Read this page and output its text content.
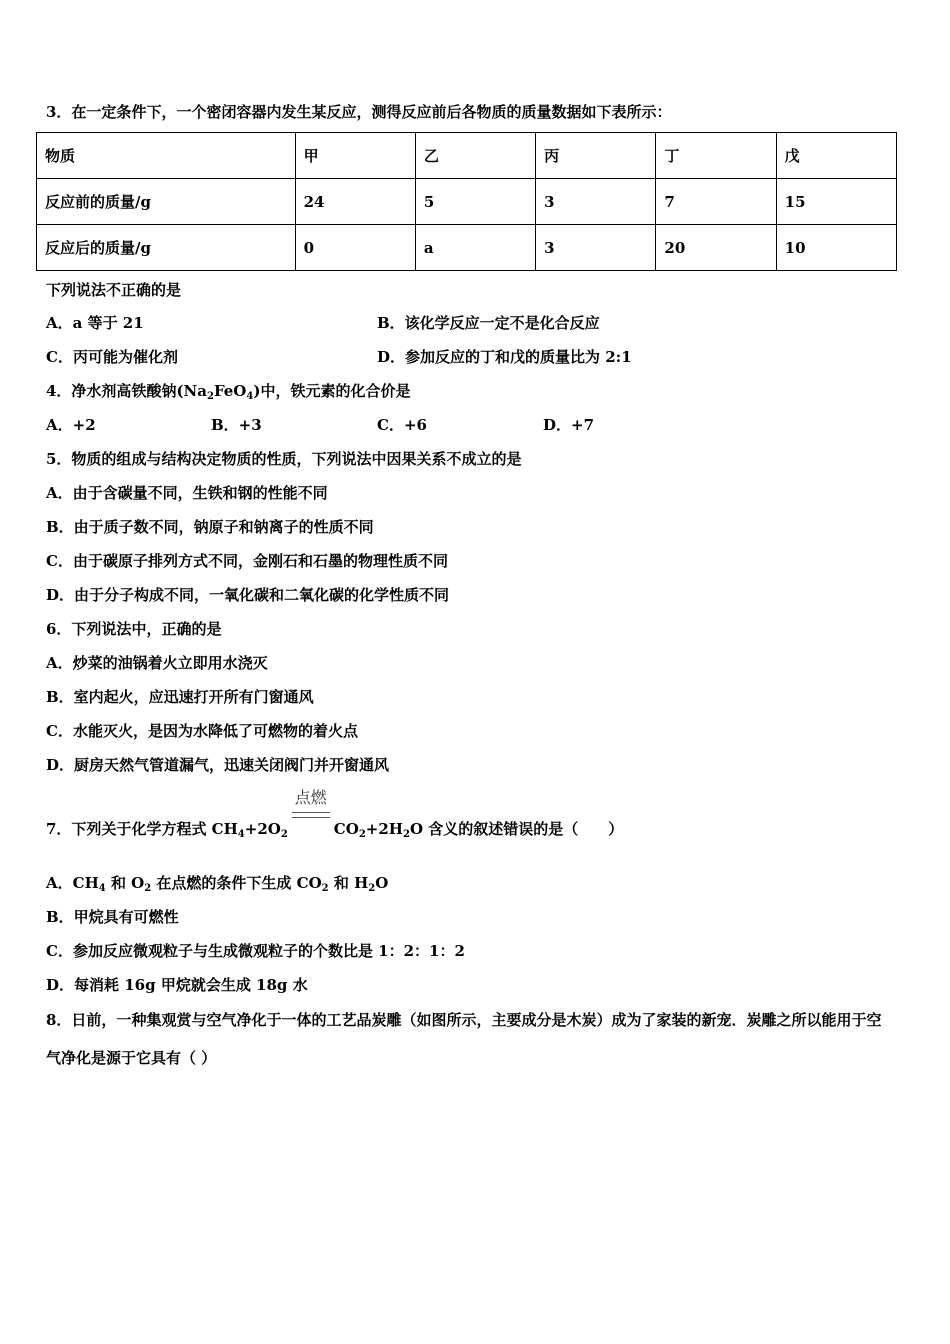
3．在一定条件下，一个密闭容器内发生某反应，测得反应前后各物质的质量数据如下表所示：
物质	甲	乙	丙	丁	戊
反应前的质量/g	24	5	3	7	15
反应后的质量/g	0	a	3	20	10
下列说法不正确的是
A．a 等于 21	B．该化学反应一定不是化合反应
C．丙可能为催化剂	D．参加反应的丁和戊的质量比为 2:1
4．净水剂高铁酸钠$(Na_2FeO_4)$中，铁元素的化合价是
A．+2	B．+3	C．+6	D．+7
5．物质的组成与结构决定物质的性质，下列说法中因果关系不成立的是
A．由于含碳量不同，生铁和钢的性能不同
B．由于质子数不同，钠原子和钠离子的性质不同
C．由于碳原子排列方式不同，金刚石和石墨的物理性质不同
D．由于分子构成不同，一氧化碳和二氧化碳的化学性质不同
6．下列说法中，正确的是
A．炒菜的油锅着火立即用水浇灭
B．室内起火，应迅速打开所有门窗通风
C．水能灭火，是因为水降低了可燃物的着火点
D．厨房天然气管道漏气，迅速关闭阀门并开窗通风
7．下列关于化学方程式 $CH_4+2O_2$
点燃
$CO_2+2H_2O$ 含义的叙述错误的是（　　）
A．$CH_4$ 和 $O_2$ 在点燃的条件下生成 $CO_2$ 和 $H_2O$
B．甲烷具有可燃性
C．参加反应微观粒子与生成微观粒子的个数比是 1：2：1：2
D．每消耗 16g 甲烷就会生成 18g 水
8．日前，一种集观赏与空气净化于一体的工艺品炭雕（如图所示，主要成分是木炭）成为了家装的新宠．炭雕之所以能用于空气净化是源于它具有（ ）
